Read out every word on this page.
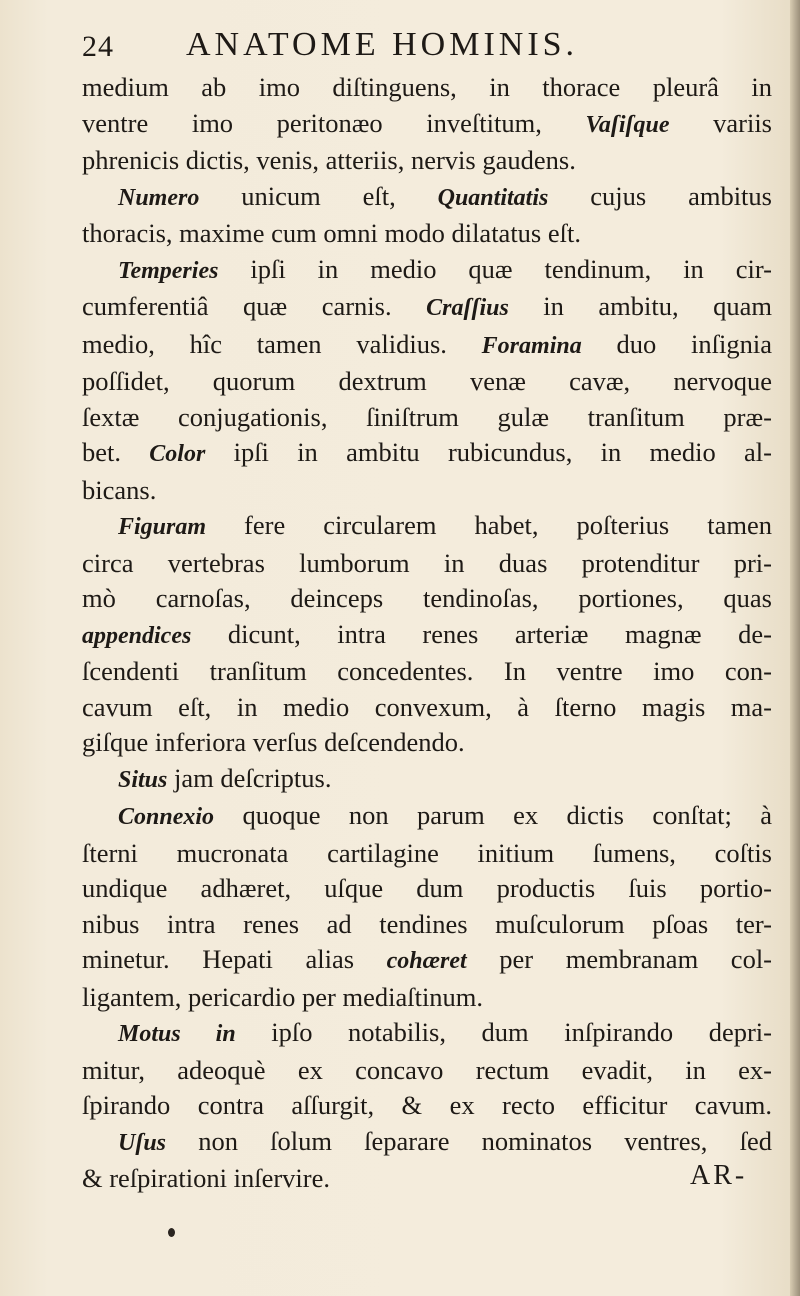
24 ANATOME HOMINIS.
medium ab imo diſtinguens, in thorace pleurâ in
ventre imo peritonæo inveſtitum, Vaſiſque variis
phrenicis dictis, venis, atteriis, nervis gaudens.
Numero unicum eſt, Quantitatis cujus ambitus
thoracis, maxime cum omni modo dilatatus eſt.
Temperies ipſi in medio quæ tendinum, in cir-
cumferentiâ quæ carnis. Craſſius in ambitu, quam
medio, hîc tamen validius. Foramina duo inſignia
poſſidet, quorum dextrum venæ cavæ, nervoque
ſextæ conjugationis, ſiniſtrum gulæ tranſitum præ-
bet. Color ipſi in ambitu rubicundus, in medio al-
bicans.
Figuram fere circularem habet, poſterius tamen
circa vertebras lumborum in duas protenditur pri-
mò carnoſas, deinceps tendinoſas, portiones, quas
appendices dicunt, intra renes arteriæ magnæ de-
ſcendenti tranſitum concedentes. In ventre imo con-
cavum eſt, in medio convexum, à ſterno magis ma-
giſque inferiora verſus deſcendendo.
Situs jam deſcriptus.
Connexio quoque non parum ex dictis conſtat; à
ſterni mucronata cartilagine initium ſumens, coſtis
undique adhæret, uſque dum productis ſuis portio-
nibus intra renes ad tendines muſculorum pſoas ter-
minetur. Hepati alias cohæret per membranam col-
ligantem, pericardio per mediaſtinum.
Motus in ipſo notabilis, dum inſpirando depri-
mitur, adeoquè ex concavo rectum evadit, in ex-
ſpirando contra aſſurgit, & ex recto efficitur cavum.
Uſus non ſolum ſeparare nominatos ventres, ſed
& reſpirationi inſervire.	AR-
